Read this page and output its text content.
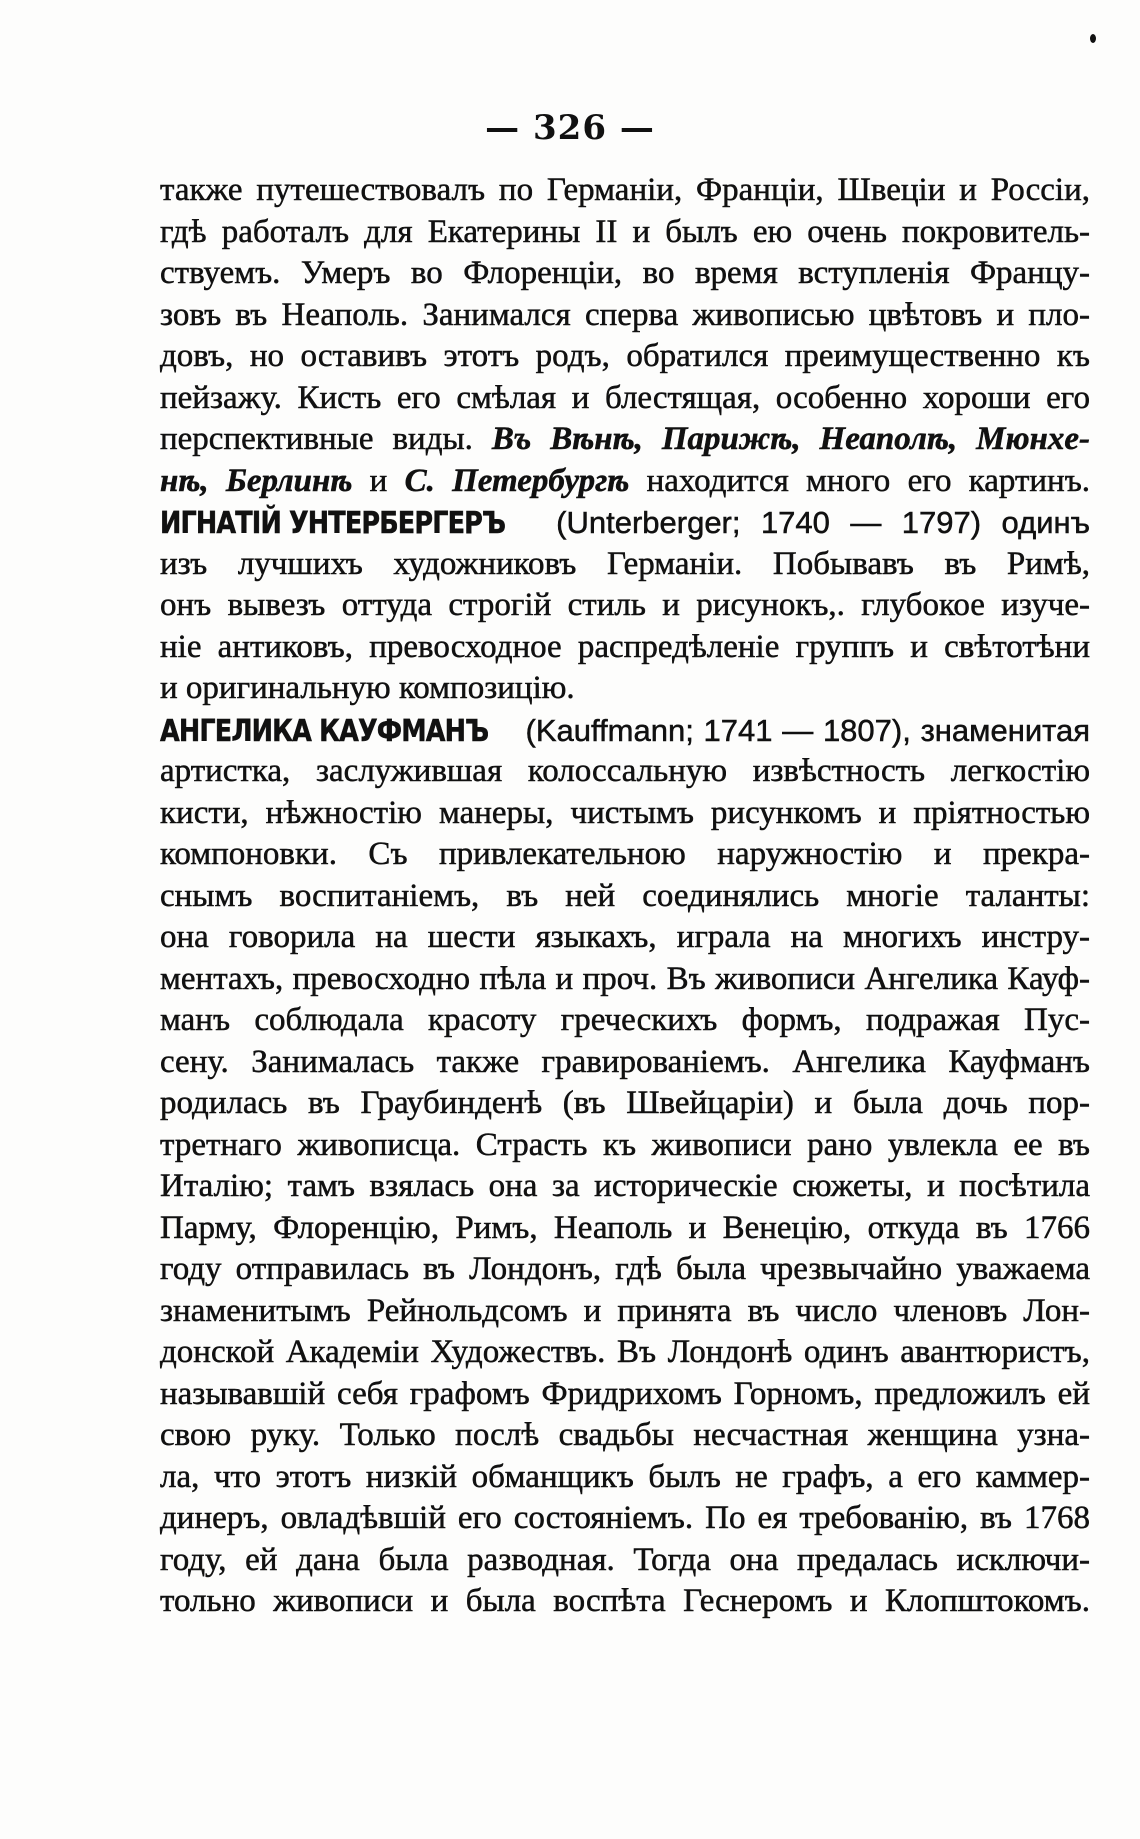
— 326 —
также путешествовалъ по Германіи, Франціи, Швеціи и Россіи,
гдѣ работалъ для Екатерины II и былъ ею очень покровитель-
ствуемъ. Умеръ во Флоренціи, во время вступленія Францу-
зовъ въ Неаполь. Занимался сперва живописью цвѣтовъ и пло-
довъ, но оставивъ этотъ родъ, обратился преимущественно къ
пейзажу. Кисть его смѣлая и блестящая, особенно хороши его
перспективные виды. Въ Вѣнѣ, Парижѣ, Неаполѣ, Мюнхе-
нѣ, Берлинѣ и С. Петербургѣ находится много его картинъ.
ИГНАТІЙ УНТЕРБЕРГЕРЪ (Unterberger; 1740 — 1797) одинъ
изъ лучшихъ художниковъ Германіи. Побывавъ въ Римѣ,
онъ вывезъ оттуда строгій стиль и рисунокъ,. глубокое изуче-
ніе антиковъ, превосходное распредѣленіе группъ и свѣтотѣни
и оригинальную композицію.
АНГЕЛИКА КАУФМАНЪ (Kauffmann; 1741 — 1807), знаменитая
артистка, заслужившая колоссальную извѣстность легкостію
кисти, нѣжностію манеры, чистымъ рисункомъ и пріятностью
компоновки. Съ привлекательною наружностію и прекра-
снымъ воспитаніемъ, въ ней соединялись многіе таланты:
она говорила на шести языкахъ, играла на многихъ инстру-
ментахъ, превосходно пѣла и проч. Въ живописи Ангелика Кауф-
манъ соблюдала красоту греческихъ формъ, подражая Пус-
сену. Занималась также гравированіемъ. Ангелика Кауфманъ
родилась въ Граубинденѣ (въ Швейцаріи) и была дочь пор-
третнаго живописца. Страсть къ живописи рано увлекла ее въ
Италію; тамъ взялась она за историческіе сюжеты, и посѣтила
Парму, Флоренцію, Римъ, Неаполь и Венецію, откуда въ 1766
году отправилась въ Лондонъ, гдѣ была чрезвычайно уважаема
знаменитымъ Рейнольдсомъ и принята въ число членовъ Лон-
донской Академіи Художествъ. Въ Лондонѣ одинъ авантюристъ,
называвшій себя графомъ Фридрихомъ Горномъ, предложилъ ей
свою руку. Только послѣ свадьбы несчастная женщина узна-
ла, что этотъ низкій обманщикъ былъ не графъ, а его каммер-
динеръ, овладѣвшій его состояніемъ. По ея требованію, въ 1768
году, ей дана была разводная. Тогда она предалась исключи-
тольно живописи и была воспѣта Геснеромъ и Клопштокомъ.
